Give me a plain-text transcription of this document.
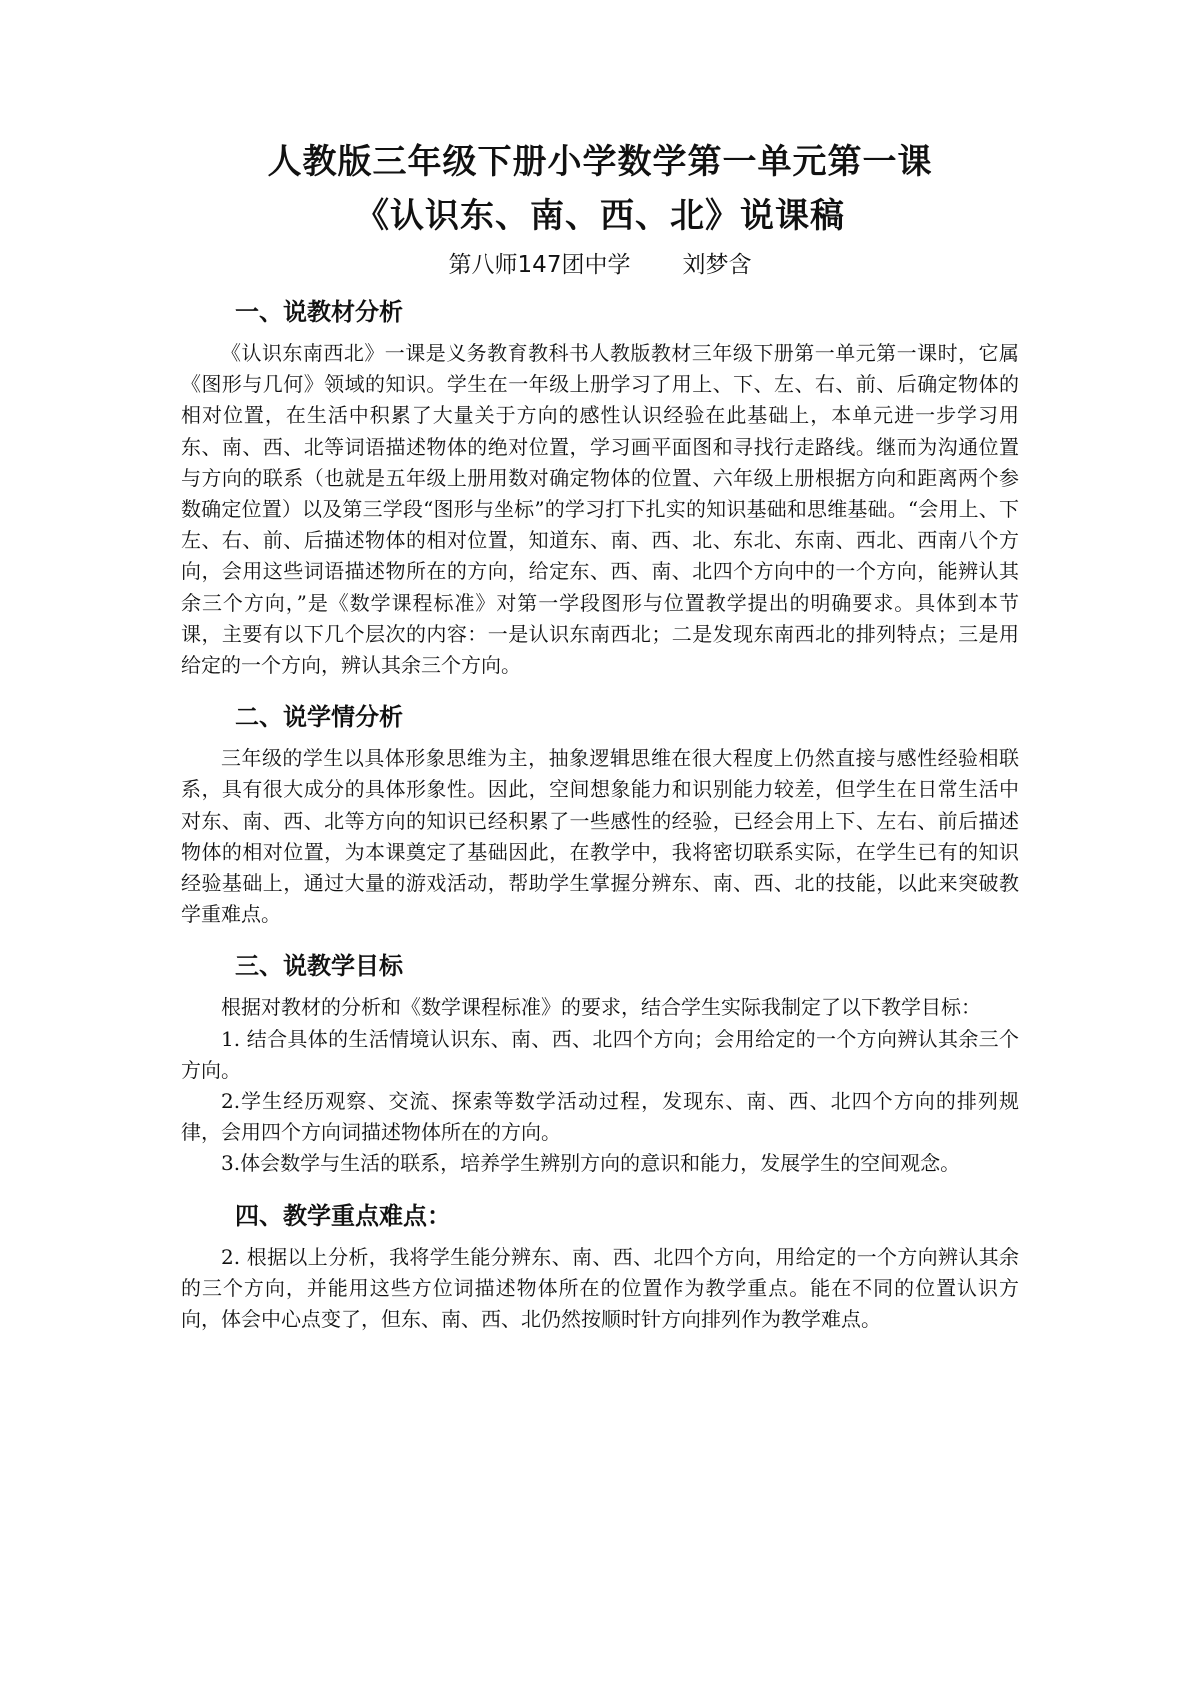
人教版三年级下册小学数学第一单元第一课
《认识东、南、西、北》说课稿

第八师147团中学 刘梦含

一、说教材分析

《认识东南西北》一课是义务教育教科书人教版教材三年级下册第一单元第一课时，它属《图形与几何》领域的知识。学生在一年级上册学习了用上、下、左、右、前、后确定物体的相对位置，在生活中积累了大量关于方向的感性认识经验在此基础上，本单元进一步学习用东、南、西、北等词语描述物体的绝对位置，学习画平面图和寻找行走路线。继而为沟通位置与方向的联系（也就是五年级上册用数对确定物体的位置、六年级上册根据方向和距离两个参数确定位置）以及第三学段“图形与坐标”的学习打下扎实的知识基础和思维基础。“会用上、下左、右、前、后描述物体的相对位置，知道东、南、西、北、东北、东南、西北、西南八个方向，会用这些词语描述物所在的方向，给定东、西、南、北四个方向中的一个方向，能辨认其余三个方向，”是《数学课程标准》对第一学段图形与位置教学提出的明确要求。具体到本节课，主要有以下几个层次的内容：一是认识东南西北；二是发现东南西北的排列特点；三是用给定的一个方向，辨认其余三个方向。

二、说学情分析

三年级的学生以具体形象思维为主，抽象逻辑思维在很大程度上仍然直接与感性经验相联系，具有很大成分的具体形象性。因此，空间想象能力和识别能力较差，但学生在日常生活中对东、南、西、北等方向的知识已经积累了一些感性的经验，已经会用上下、左右、前后描述物体的相对位置，为本课奠定了基础因此，在教学中，我将密切联系实际，在学生已有的知识经验基础上，通过大量的游戏活动，帮助学生掌握分辨东、南、西、北的技能，以此来突破教学重难点。

三、说教学目标

根据对教材的分析和《数学课程标准》的要求，结合学生实际我制定了以下教学目标：

1. 结合具体的生活情境认识东、南、西、北四个方向；会用给定的一个方向辨认其余三个方向。

2.学生经历观察、交流、探索等数学活动过程，发现东、南、西、北四个方向的排列规律，会用四个方向词描述物体所在的方向。

3.体会数学与生活的联系，培养学生辨别方向的意识和能力，发展学生的空间观念。

四、教学重点难点：

2. 根据以上分析，我将学生能分辨东、南、西、北四个方向，用给定的一个方向辨认其余的三个方向，并能用这些方位词描述物体所在的位置作为教学重点。能在不同的位置认识方向，体会中心点变了，但东、南、西、北仍然按顺时针方向排列作为教学难点。
